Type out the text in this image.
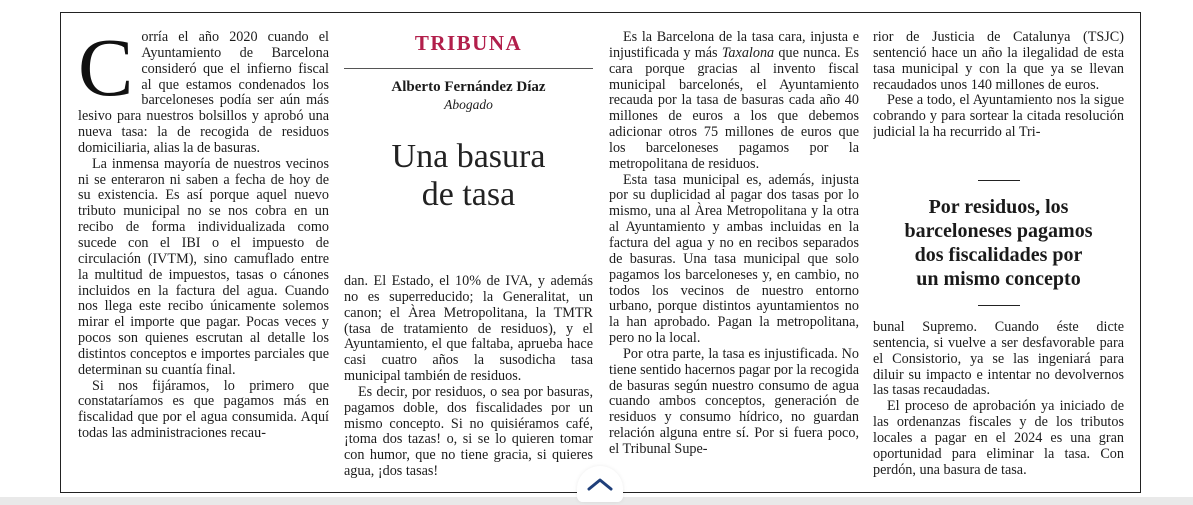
Corría el año 2020 cuando el Ayuntamiento de Barcelona consideró que el infierno fiscal al que estamos condenados los barceloneses podía ser aún más lesivo para nuestros bolsillos y aprobó una nueva tasa: la de recogida de residuos domiciliaria, alias la de basuras.

La inmensa mayoría de nuestros vecinos ni se enteraron ni saben a fecha de hoy de su existencia. Es así porque aquel nuevo tributo municipal no se nos cobra en un recibo de forma individualizada como sucede con el IBI o el impuesto de circulación (IVTM), sino camuflado entre la multitud de impuestos, tasas o cánones incluidos en la factura del agua. Cuando nos llega este recibo únicamente solemos mirar el importe que pagar. Pocas veces y pocos son quienes escrutan al detalle los distintos conceptos e importes parciales que determinan su cuantía final.

Si nos fijáramos, lo primero que constataríamos es que pagamos más en fiscalidad que por el agua consumida. Aquí todas las administraciones recau-

TRIBUNA
Alberto Fernández Díaz
Abogado
Una basura
de tasa

dan. El Estado, el 10% de IVA, y además no es superreducido; la Generalitat, un canon; el Àrea Metropolitana, la TMTR (tasa de tratamiento de residuos), y el Ayuntamiento, el que faltaba, aprueba hace casi cuatro años la susodicha tasa municipal también de residuos.

Es decir, por residuos, o sea por basuras, pagamos doble, dos fiscalidades por un mismo concepto. Si no quisiéramos café, ¡toma dos tazas! o, si se lo quieren tomar con humor, que no tiene gracia, si quieres agua, ¡dos tasas!

Es la Barcelona de la tasa cara, injusta e injustificada y más Taxalona que nunca. Es cara porque gracias al invento fiscal municipal barcelonés, el Ayuntamiento recauda por la tasa de basuras cada año 40 millones de euros a los que debemos adicionar otros 75 millones de euros que los barceloneses pagamos por la metropolitana de residuos.

Esta tasa municipal es, además, injusta por su duplicidad al pagar dos tasas por lo mismo, una al Àrea Metropolitana y la otra al Ayuntamiento y ambas incluidas en la factura del agua y no en recibos separados de basuras. Una tasa municipal que solo pagamos los barceloneses y, en cambio, no todos los vecinos de nuestro entorno urbano, porque distintos ayuntamientos no la han aprobado. Pagan la metropolitana, pero no la local.

Por otra parte, la tasa es injustificada. No tiene sentido hacernos pagar por la recogida de basuras según nuestro consumo de agua cuando ambos conceptos, generación de residuos y consumo hídrico, no guardan relación alguna entre sí. Por si fuera poco, el Tribunal Supe-

rior de Justicia de Catalunya (TSJC) sentenció hace un año la ilegalidad de esta tasa municipal y con la que ya se llevan recaudados unos 140 millones de euros.

Pese a todo, el Ayuntamiento nos la sigue cobrando y para sortear la citada resolución judicial la ha recurrido al Tri-

Por residuos, los
barceloneses pagamos
dos fiscalidades por
un mismo concepto

bunal Supremo. Cuando éste dicte sentencia, si vuelve a ser desfavorable para el Consistorio, ya se las ingeniará para diluir su impacto e intentar no devolvernos las tasas recaudadas.

El proceso de aprobación ya iniciado de las ordenanzas fiscales y de los tributos locales a pagar en el 2024 es una gran oportunidad para eliminar la tasa. Con perdón, una basura de tasa.
